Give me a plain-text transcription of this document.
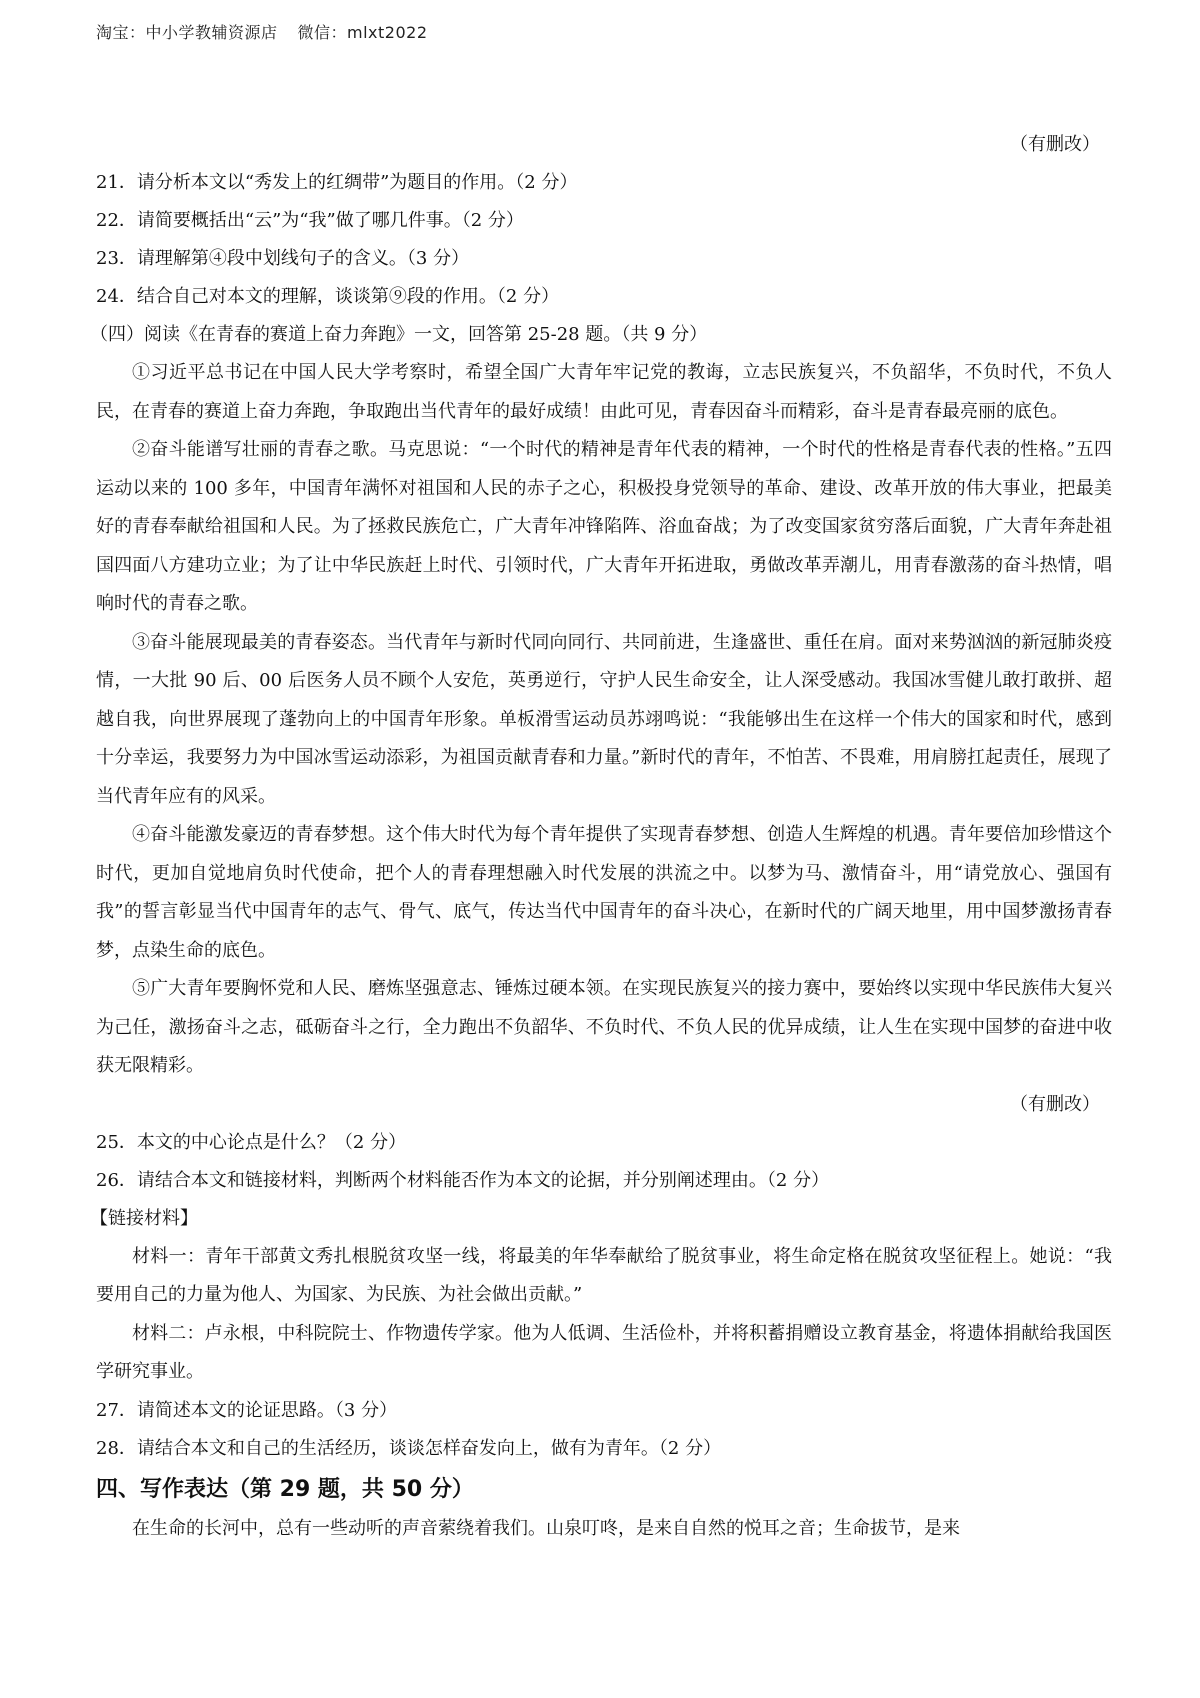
淘宝：中小学教辅资源店 微信：mlxt2022
（有删改）
21．请分析本文以“秀发上的红绸带”为题目的作用。（2 分）
22．请简要概括出“云”为“我”做了哪几件事。（2 分）
23．请理解第④段中划线句子的含义。（3 分）
24．结合自己对本文的理解，谈谈第⑨段的作用。（2 分）
（四）阅读《在青春的赛道上奋力奔跑》一文，回答第 25-28 题。（共 9 分）
①习近平总书记在中国人民大学考察时，希望全国广大青年牢记党的教诲，立志民族复兴，不负韶华，不负时代，不负人民，在青春的赛道上奋力奔跑，争取跑出当代青年的最好成绩！由此可见，青春因奋斗而精彩，奋斗是青春最亮丽的底色。
②奋斗能谱写壮丽的青春之歌。马克思说：“一个时代的精神是青年代表的精神，一个时代的性格是青春代表的性格。”五四运动以来的 100 多年，中国青年满怀对祖国和人民的赤子之心，积极投身党领导的革命、建设、改革开放的伟大事业，把最美好的青春奉献给祖国和人民。为了拯救民族危亡，广大青年冲锋陷阵、浴血奋战；为了改变国家贫穷落后面貌，广大青年奔赴祖国四面八方建功立业；为了让中华民族赶上时代、引领时代，广大青年开拓进取，勇做改革弄潮儿，用青春激荡的奋斗热情，唱响时代的青春之歌。
③奋斗能展现最美的青春姿态。当代青年与新时代同向同行、共同前进，生逢盛世、重任在肩。面对来势汹汹的新冠肺炎疫情，一大批 90 后、00 后医务人员不顾个人安危，英勇逆行，守护人民生命安全，让人深受感动。我国冰雪健儿敢打敢拼、超越自我，向世界展现了蓬勃向上的中国青年形象。单板滑雪运动员苏翊鸣说：“我能够出生在这样一个伟大的国家和时代，感到十分幸运，我要努力为中国冰雪运动添彩，为祖国贡献青春和力量。”新时代的青年，不怕苦、不畏难，用肩膀扛起责任，展现了当代青年应有的风采。
④奋斗能激发豪迈的青春梦想。这个伟大时代为每个青年提供了实现青春梦想、创造人生辉煌的机遇。青年要倍加珍惜这个时代，更加自觉地肩负时代使命，把个人的青春理想融入时代发展的洪流之中。以梦为马、激情奋斗，用“请党放心、强国有我”的誓言彰显当代中国青年的志气、骨气、底气，传达当代中国青年的奋斗决心，在新时代的广阔天地里，用中国梦激扬青春梦，点染生命的底色。
⑤广大青年要胸怀党和人民、磨炼坚强意志、锤炼过硬本领。在实现民族复兴的接力赛中，要始终以实现中华民族伟大复兴为己任，激扬奋斗之志，砥砺奋斗之行，全力跑出不负韶华、不负时代、不负人民的优异成绩，让人生在实现中国梦的奋进中收获无限精彩。
（有删改）
25．本文的中心论点是什么？（2 分）
26．请结合本文和链接材料，判断两个材料能否作为本文的论据，并分别阐述理由。（2 分）
【链接材料】
材料一：青年干部黄文秀扎根脱贫攻坚一线，将最美的年华奉献给了脱贫事业，将生命定格在脱贫攻坚征程上。她说：“我要用自己的力量为他人、为国家、为民族、为社会做出贡献。”
材料二：卢永根，中科院院士、作物遗传学家。他为人低调、生活俭朴，并将积蓄捐赠设立教育基金，将遗体捐献给我国医学研究事业。
27．请简述本文的论证思路。（3 分）
28．请结合本文和自己的生活经历，谈谈怎样奋发向上，做有为青年。（2 分）
四、写作表达（第 29 题，共 50 分）
在生命的长河中，总有一些动听的声音萦绕着我们。山泉叮咚，是来自自然的悦耳之音；生命拔节，是来
